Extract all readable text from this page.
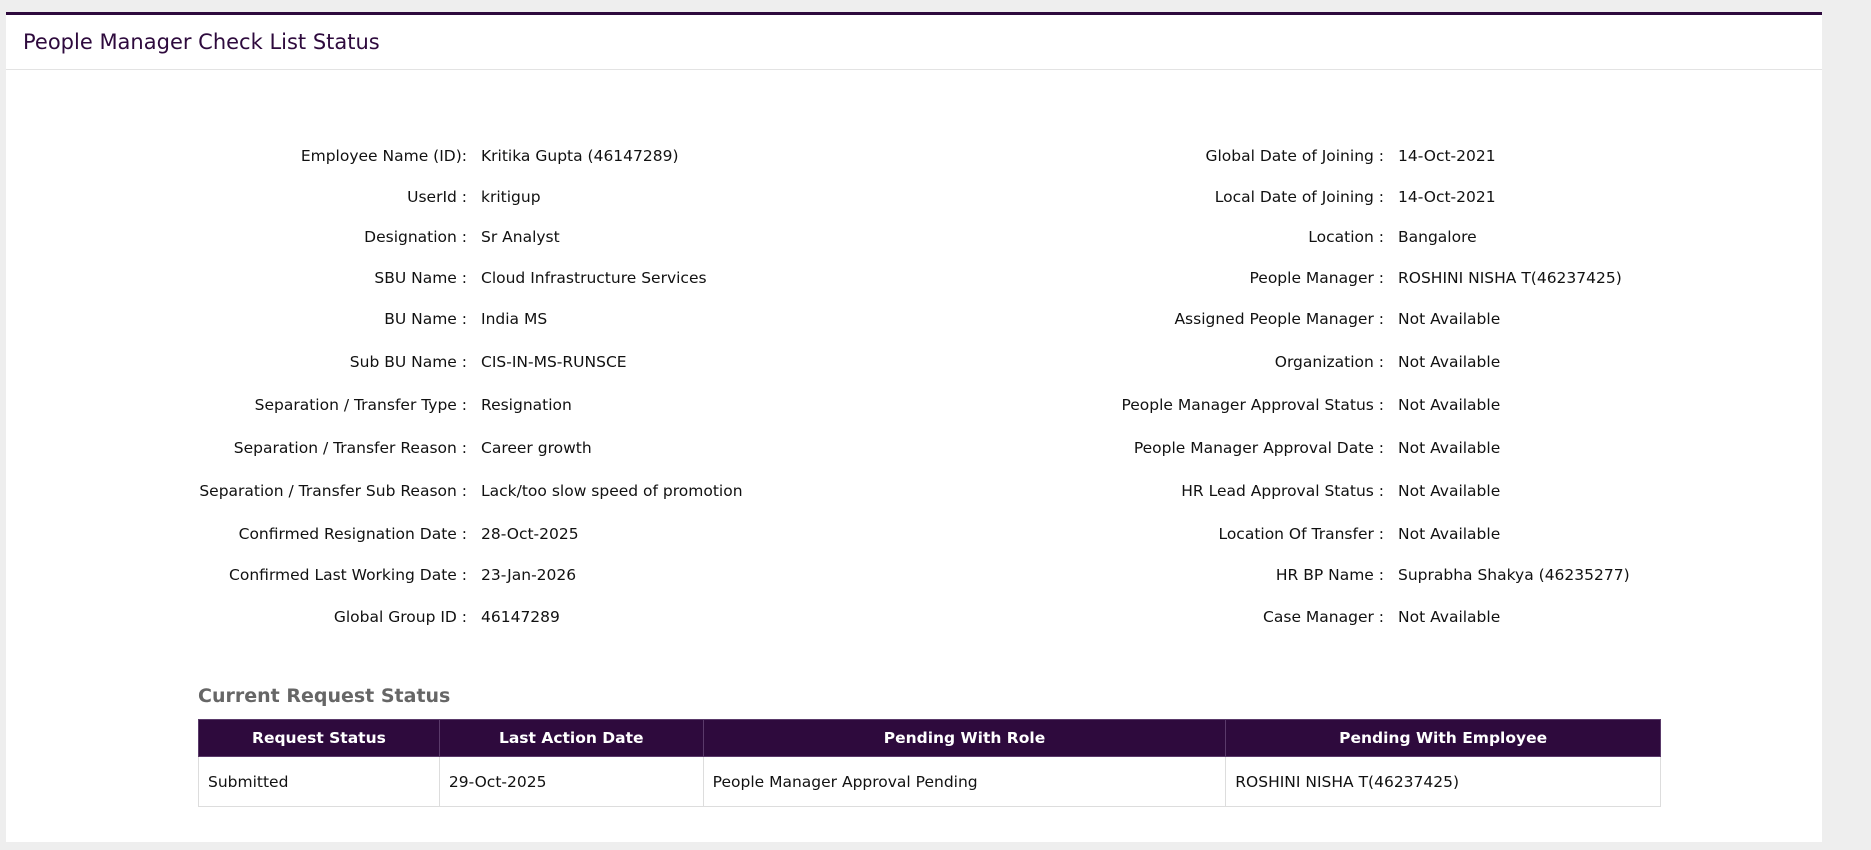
People Manager Check List Status
Employee Name (ID): Kritika Gupta (46147289)
UserId : kritigup
Designation : Sr Analyst
SBU Name : Cloud Infrastructure Services
BU Name : India MS
Sub BU Name : CIS-IN-MS-RUNSCE
Separation / Transfer Type : Resignation
Separation / Transfer Reason : Career growth
Separation / Transfer Sub Reason : Lack/too slow speed of promotion
Confirmed Resignation Date : 28-Oct-2025
Confirmed Last Working Date : 23-Jan-2026
Global Group ID : 46147289
Global Date of Joining : 14-Oct-2021
Local Date of Joining : 14-Oct-2021
Location : Bangalore
People Manager : ROSHINI NISHA T(46237425)
Assigned People Manager : Not Available
Organization : Not Available
People Manager Approval Status : Not Available
People Manager Approval Date : Not Available
HR Lead Approval Status : Not Available
Location Of Transfer : Not Available
HR BP Name : Suprabha Shakya (46235277)
Case Manager : Not Available
Current Request Status
Request Status	Last Action Date	Pending With Role	Pending With Employee
Submitted	29-Oct-2025	People Manager Approval Pending	ROSHINI NISHA T(46237425)
